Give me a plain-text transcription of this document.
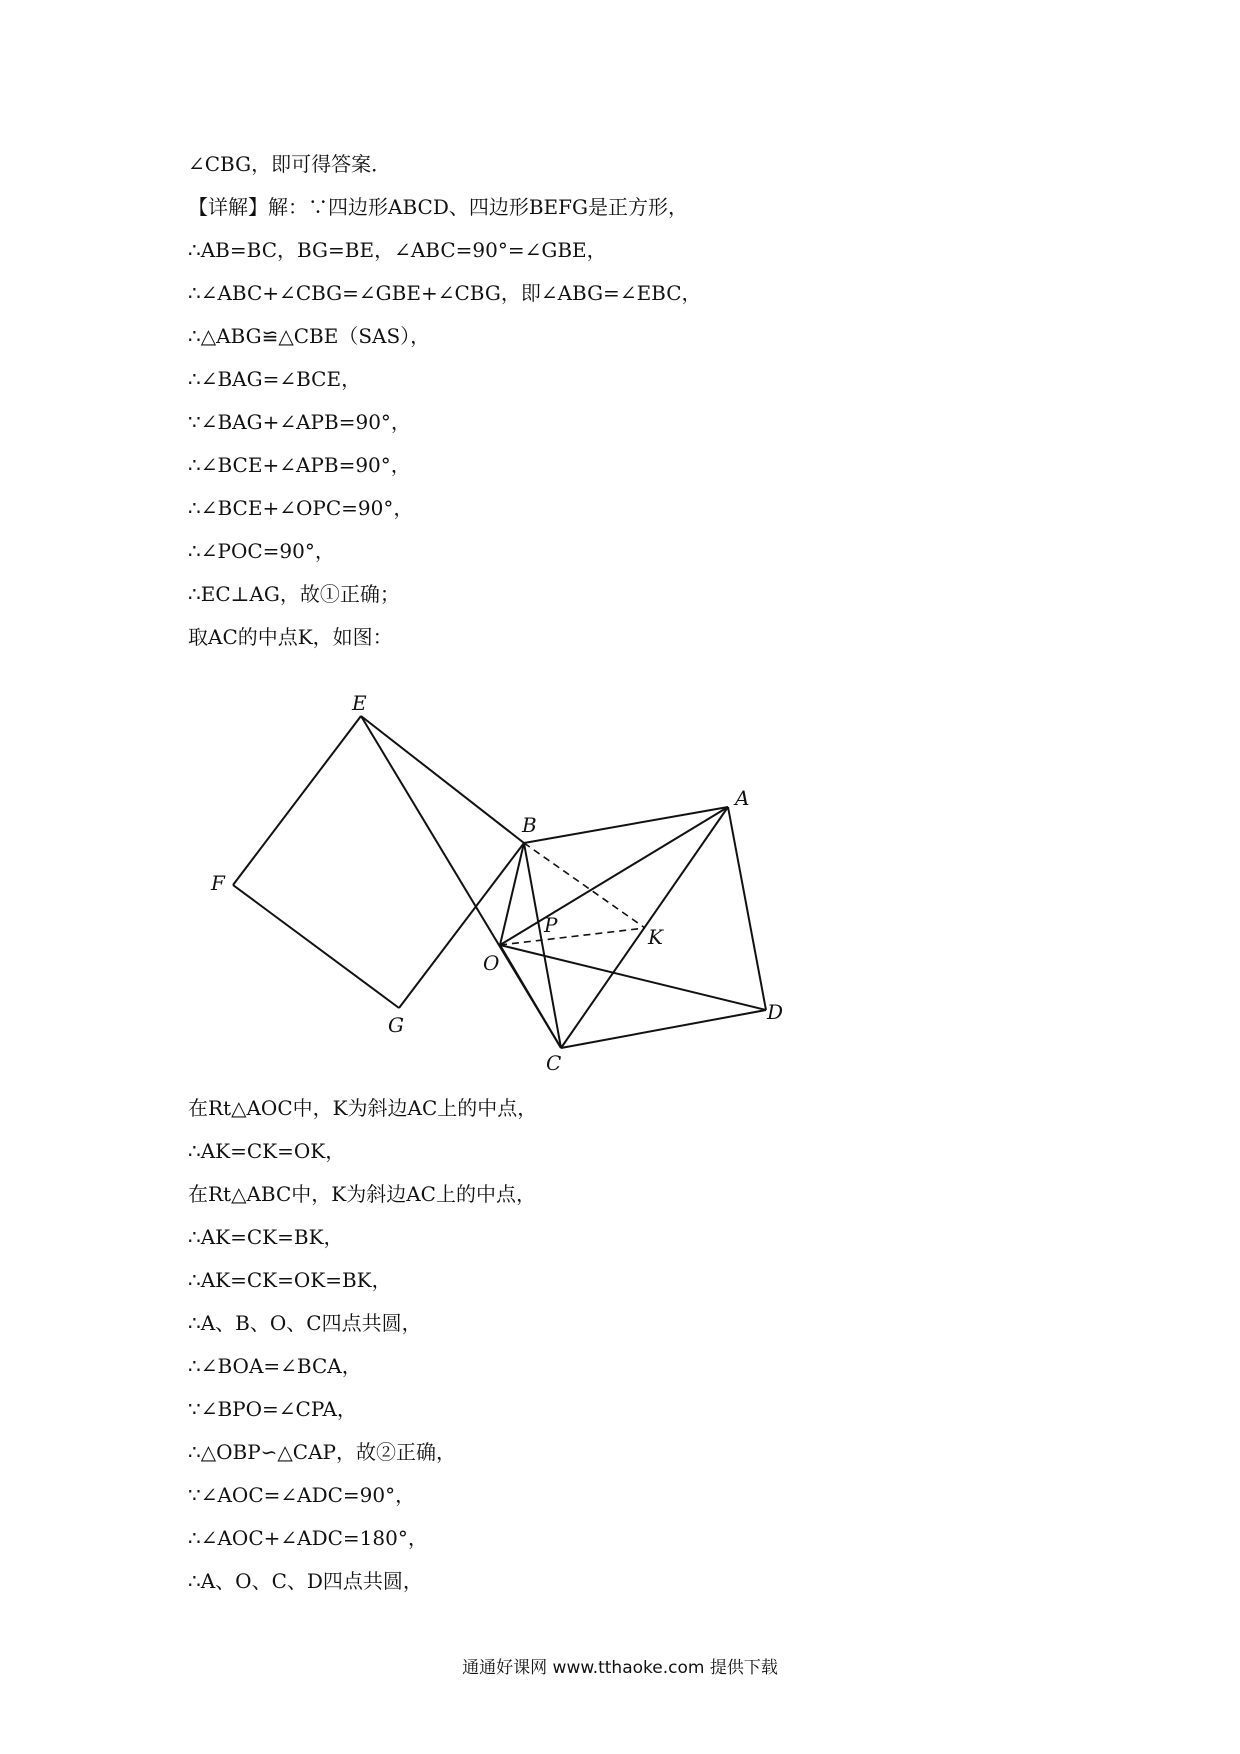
∠CBG，即可得答案．
【详解】解：∵四边形ABCD、四边形BEFG是正方形，
∴AB=BC，BG=BE，∠ABC=90°=∠GBE，
∴∠ABC+∠CBG=∠GBE+∠CBG，即∠ABG=∠EBC，
∴△ABG≌△CBE（SAS），
∴∠BAG=∠BCE，
∵∠BAG+∠APB=90°，
∴∠BCE+∠APB=90°，
∴∠BCE+∠OPC=90°，
∴∠POC=90°，
∴EC⊥AG，故①正确；
取AC的中点K，如图：
E
A
B
F
P	K
O
G
D
C
在Rt△AOC中，K为斜边AC上的中点，
∴AK=CK=OK，
在Rt△ABC中，K为斜边AC上的中点，
∴AK=CK=BK，
∴AK=CK=OK=BK，
∴A、B、O、C四点共圆，
∴∠BOA=∠BCA，
∵∠BPO=∠CPA，
∴△OBP∽△CAP，故②正确，
∵∠AOC=∠ADC=90°，
∴∠AOC+∠ADC=180°，
∴A、O、C、D四点共圆，
通通好课网 www.tthaoke.com 提供下载
